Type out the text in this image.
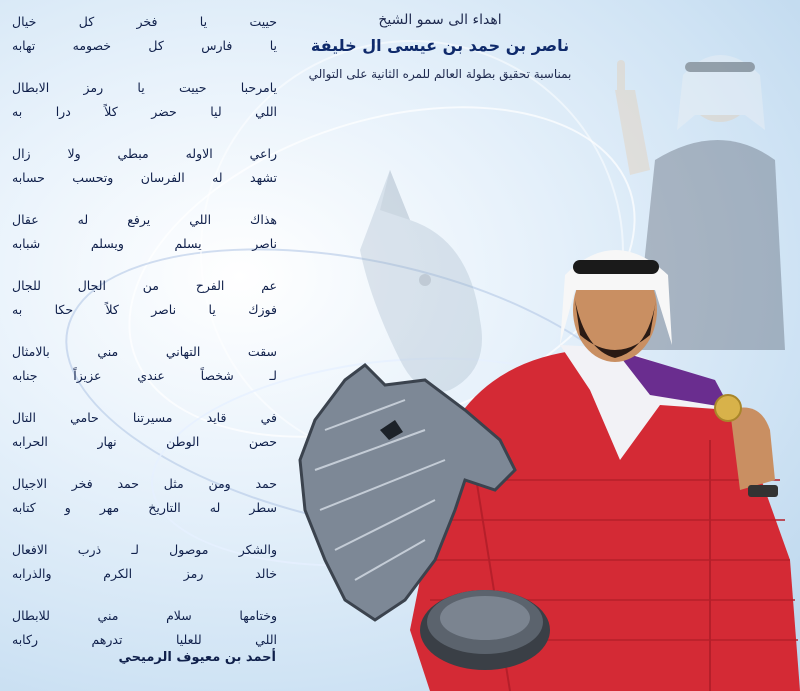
اهداء الى سمو الشيخ
ناصر بن حمد بن عيسى ال خليفة
بمناسبة تحقيق بطولة العالم للمره الثانية على التوالي
حييت يا فخر كل خيال
يا فارس كل خصومه تهابه
يامرحبا حييت يا رمز الابطال
اللي ليا حضر كلاً درا به
راعي الاوله مبطي ولا زال
تشهد له الفرسان وتحسب حسابه
هذاك اللي يرفع له عقال
ناصر يسلم ويسلم شبابه
عم الفرح من الجال للجال
فوزك يا ناصر كلاً حكا به
سقت التهاني مني بالامثال
لـ شخصاً عندي عزيزاً جنابه
في قايد مسيرتنا حامي التال
حصن الوطن نهار الحرابه
حمد ومن مثل حمد فخر الاجيال
سطر له التاريخ مهر و كتابه
والشكر موصول لـ ذرب الافعال
خالد رمز الكرم والذرابه
وختامها سلام مني للابطال
اللي للعليا تدرهم ركابه
أحمد بن معيوف الرميحي
